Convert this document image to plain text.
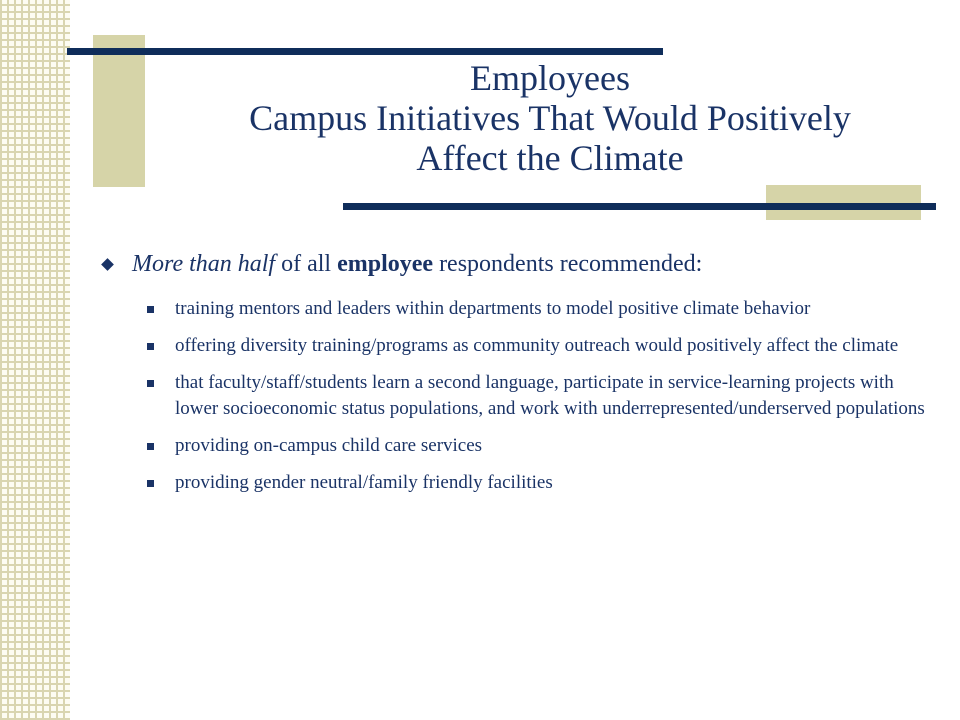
Employees
Campus Initiatives That Would Positively
Affect the Climate
More than half of all employee respondents recommended:
training mentors and leaders within departments to model positive climate behavior
offering diversity training/programs as community outreach would positively affect the climate
that faculty/staff/students learn a second language, participate in service-learning projects with lower socioeconomic status populations, and work with underrepresented/underserved populations
providing on-campus child care services
providing gender neutral/family friendly facilities
